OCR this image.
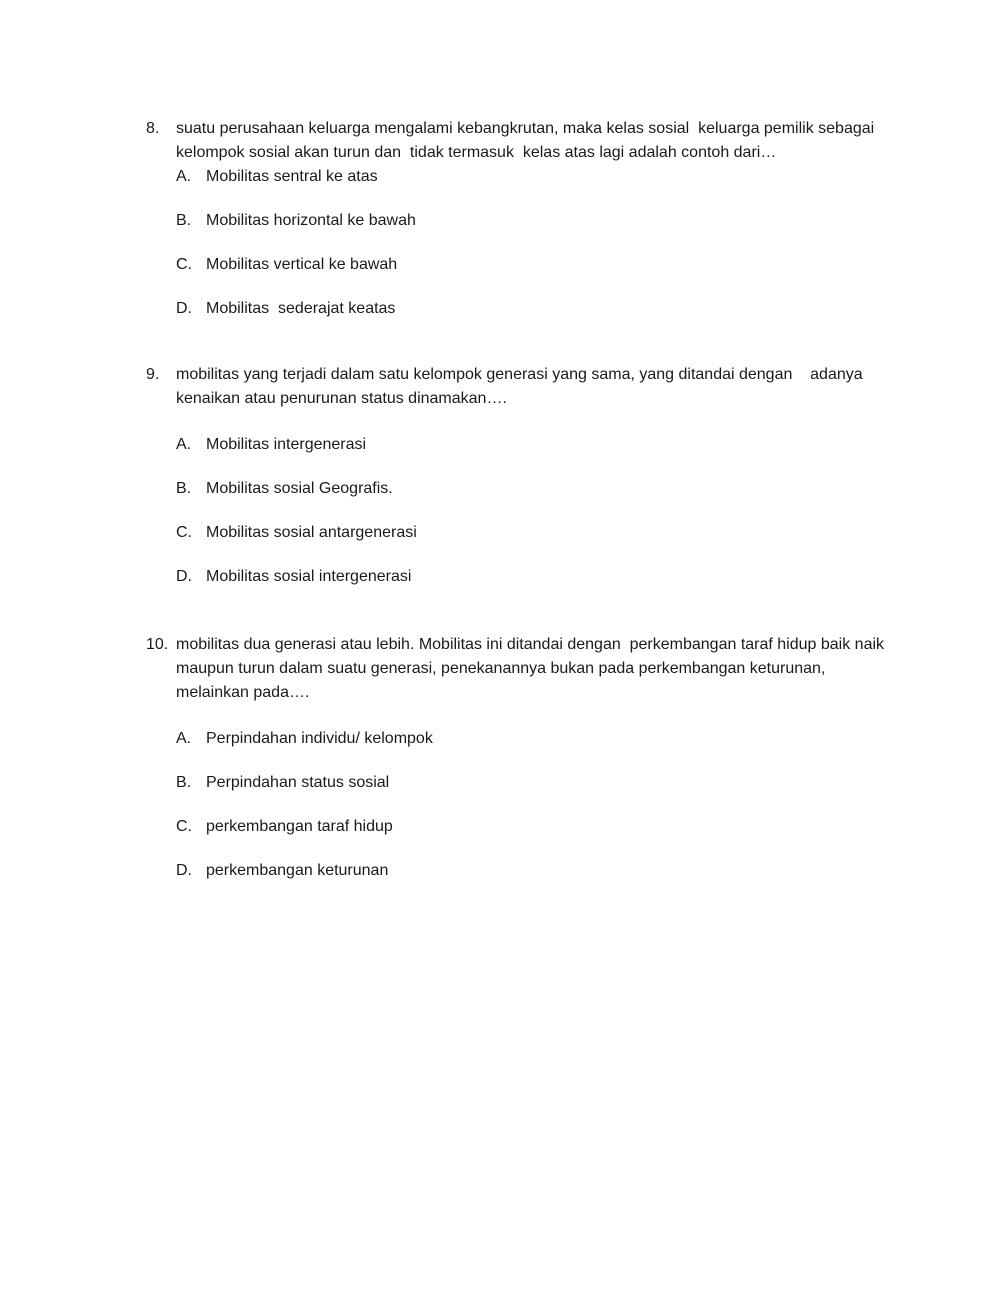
8.	suatu perusahaan keluarga mengalami kebangkrutan, maka kelas sosial  keluarga pemilik sebagai kelompok sosial akan turun dan  tidak termasuk  kelas atas lagi adalah contoh dari…
A. Mobilitas sentral ke atas
B. Mobilitas horizontal ke bawah
C. Mobilitas vertical ke bawah
D. Mobilitas  sederajat keatas
9.	mobilitas yang terjadi dalam satu kelompok generasi yang sama, yang ditandai dengan    adanya kenaikan atau penurunan status dinamakan….
A. Mobilitas intergenerasi
B. Mobilitas sosial Geografis.
C. Mobilitas sosial antargenerasi
D. Mobilitas sosial intergenerasi
10. mobilitas dua generasi atau lebih. Mobilitas ini ditandai dengan  perkembangan taraf hidup baik naik maupun turun dalam suatu generasi, penekanannya bukan pada perkembangan keturunan, melainkan pada….
A. Perpindahan individu/ kelompok
B. Perpindahan status sosial
C. perkembangan taraf hidup
D. perkembangan keturunan
